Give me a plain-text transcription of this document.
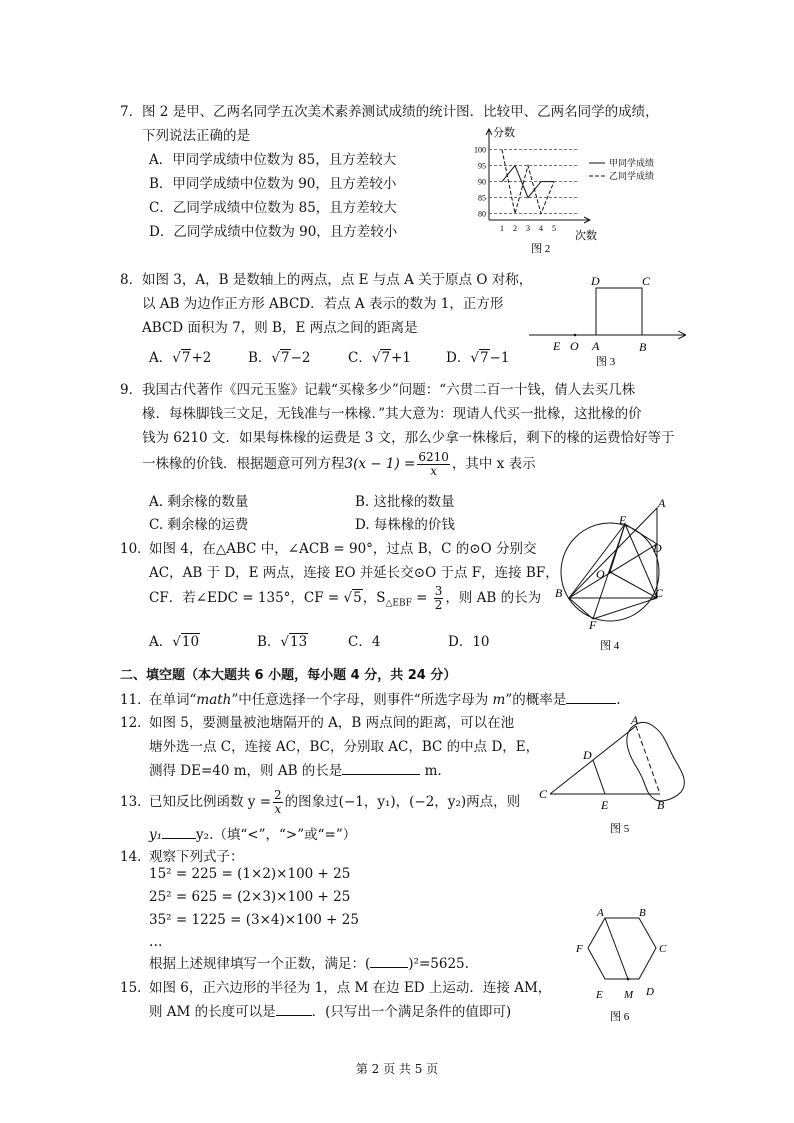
7． 图 2 是甲、乙两名同学五次美术素养测试成绩的统计图．比较甲、乙两名同学的成绩，
下列说法正确的是
A．甲同学成绩中位数为 85，且方差较大
B．甲同学成绩中位数为 90，且方差较小
C．乙同学成绩中位数为 85，且方差较大
D．乙同学成绩中位数为 90，且方差较小
分数
次数
80
85
90
95
100
1 2 3 4 5
甲同学成绩
乙同学成绩
图 2
8． 如图 3，A，B 是数轴上的两点，点 E 与点 A 关于原点 O 对称，
以 AB 为边作正方形 ABCD．若点 A 表示的数为 1，正方形
ABCD 面积为 7，则 B，E 两点之间的距离是
A．√7+2	B．√7−2	C．√7+1	D．√7−1
D	C
E O A	B
图 3
9． 我国古代著作《四元玉鉴》记载“买椽多少”问题：“六贯二百一十钱，倩人去买几株
椽．每株脚钱三文足，无钱准与一株椽．”其大意为：现请人代买一批椽，这批椽的价
钱为 6210 文．如果每株椽的运费是 3 文，那么少拿一株椽后，剩下的椽的运费恰好等于
一株椽的价钱．根据题意可列方程$3(x - 1) = \frac{6210}{x}$ ，其中 x 表示
A. 剩余椽的数量	B. 这批椽的数量
C. 剩余椽的运费	D. 每株椽的价钱
10．
如图 4，在△ABC 中，∠ACB = 90°，过点 B，C 的⊙O 分别交
AC，AB 于 D，E 两点，连接 EO 并延长交⊙O 于点 F，连接 BF，
CF．若∠EDC = 135°，CF = √5，$S_{\triangle EBF} = \frac{3}{2}$ ，则 AB 的长为
A．√10	B．√13	C．4	D．10
A
E
D
O
B	C
F
图 4
二、填空题（本大题共 6 小题，每小题 4 分，共 24 分）
11．
在单词“math”中任意选择一个字母，则事件“所选字母为 m”的概率是	.
12．
如图 5，要测量被池塘隔开的 A，B 两点间的距离，可以在池
塘外选一点 C，连接 AC，BC，分别取 AC，BC 的中点 D，E，
测得 DE=40 m，则 AB 的长是	m.
A
D
C
E	B
图 5
13．
已知反比例函数 $y = \frac{2}{x}$ 的图象过(−1，y₁)，(−2，y₂)两点，则
y₁	y₂.（填“<”，“>”或“=”）
14．
观察下列式子：
15² = 225 = (1×2)×100 + 25
25² = 625 = (2×3)×100 + 25
35² = 1225 = (3×4)×100 + 25
…
根据上述规律填写一个正数，满足：(	)²=5625.
15．
如图 6，正六边形的半径为 1，点 M 在边 ED 上运动．连接 AM，
则 AM 的长度可以是	．(只写出一个满足条件的值即可)
A	B
C
D
E
F
M
图 6
第 2 页 共 5 页
